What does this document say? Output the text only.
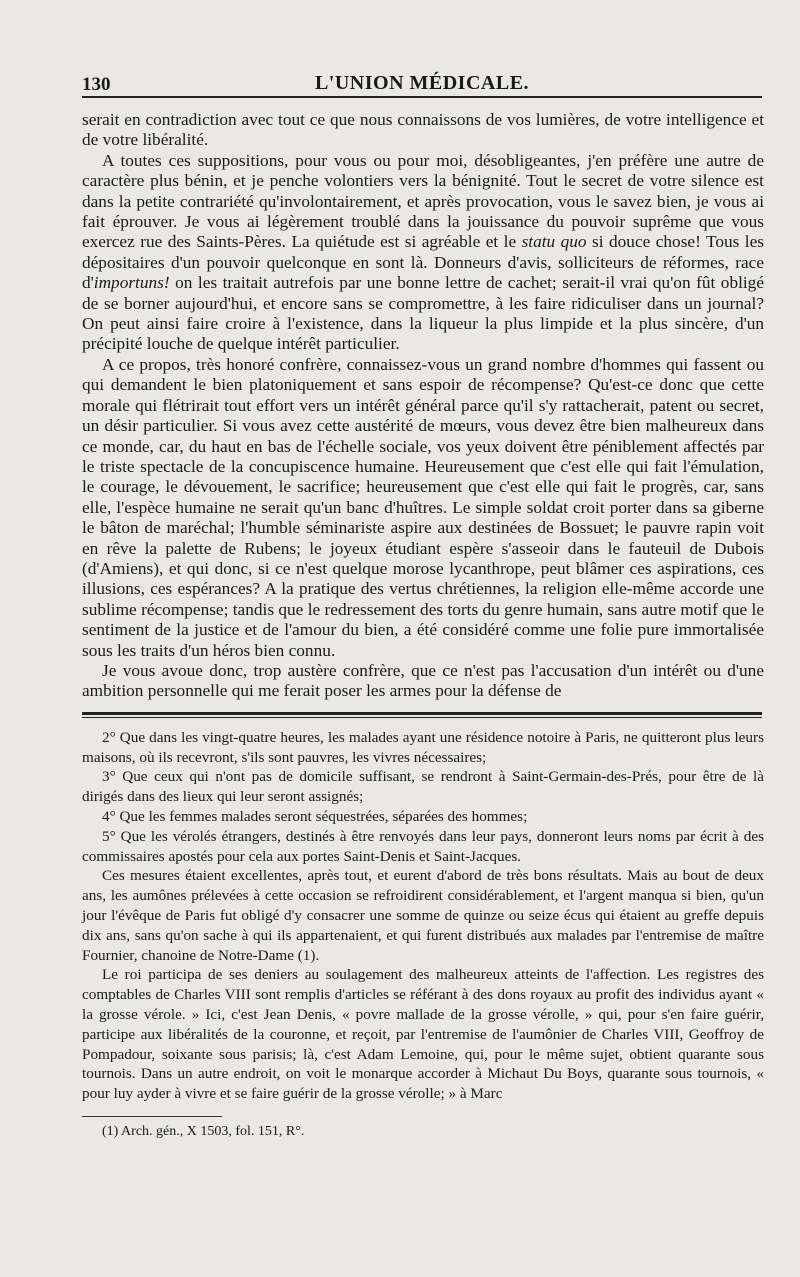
130	L'UNION MÉDICALE.

serait en contradiction avec tout ce que nous connaissons de vos lumières, de votre intelligence et de votre libéralité.

A toutes ces suppositions, pour vous ou pour moi, désobligeantes, j'en préfère une autre de caractère plus bénin, et je penche volontiers vers la bénignité. Tout le secret de votre silence est dans la petite contrariété qu'involontairement, et après provocation, vous le savez bien, je vous ai fait éprouver. Je vous ai légèrement troublé dans la jouissance du pouvoir suprême que vous exercez rue des Saints-Pères. La quiétude est si agréable et le statu quo si douce chose! Tous les dépositaires d'un pouvoir quelconque en sont là. Donneurs d'avis, solliciteurs de réformes, race d'importuns! on les traitait autrefois par une bonne lettre de cachet; serait-il vrai qu'on fût obligé de se borner aujourd'hui, et encore sans se compromettre, à les faire ridiculiser dans un journal? On peut ainsi faire croire à l'existence, dans la liqueur la plus limpide et la plus sincère, d'un précipité louche de quelque intérêt particulier.

A ce propos, très honoré confrère, connaissez-vous un grand nombre d'hommes qui fassent ou qui demandent le bien platoniquement et sans espoir de récompense? Qu'est-ce donc que cette morale qui flétrirait tout effort vers un intérêt général parce qu'il s'y rattacherait, patent ou secret, un désir particulier. Si vous avez cette austérité de mœurs, vous devez être bien malheureux dans ce monde, car, du haut en bas de l'échelle sociale, vos yeux doivent être péniblement affectés par le triste spectacle de la concupiscence humaine. Heureusement que c'est elle qui fait l'émulation, le courage, le dévouement, le sacrifice; heureusement que c'est elle qui fait le progrès, car, sans elle, l'espèce humaine ne serait qu'un banc d'huîtres. Le simple soldat croit porter dans sa giberne le bâton de maréchal; l'humble séminariste aspire aux destinées de Bossuet; le pauvre rapin voit en rêve la palette de Rubens; le joyeux étudiant espère s'asseoir dans le fauteuil de Dubois (d'Amiens), et qui donc, si ce n'est quelque morose lycanthrope, peut blâmer ces aspirations, ces illusions, ces espérances? A la pratique des vertus chrétiennes, la religion elle-même accorde une sublime récompense; tandis que le redressement des torts du genre humain, sans autre motif que le sentiment de la justice et de l'amour du bien, a été considéré comme une folie pure immortalisée sous les traits d'un héros bien connu.

Je vous avoue donc, trop austère confrère, que ce n'est pas l'accusation d'un intérêt ou d'une ambition personnelle qui me ferait poser les armes pour la défense de

2° Que dans les vingt-quatre heures, les malades ayant une résidence notoire à Paris, ne quitteront plus leurs maisons, où ils recevront, s'ils sont pauvres, les vivres nécessaires;

3° Que ceux qui n'ont pas de domicile suffisant, se rendront à Saint-Germain-des-Prés, pour être de là dirigés dans des lieux qui leur seront assignés;

4° Que les femmes malades seront séquestrées, séparées des hommes;

5° Que les vérolés étrangers, destinés à être renvoyés dans leur pays, donneront leurs noms par écrit à des commissaires apostés pour cela aux portes Saint-Denis et Saint-Jacques.

Ces mesures étaient excellentes, après tout, et eurent d'abord de très bons résultats. Mais au bout de deux ans, les aumônes prélevées à cette occasion se refroidirent considérablement, et l'argent manqua si bien, qu'un jour l'évêque de Paris fut obligé d'y consacrer une somme de quinze ou seize écus qui étaient au greffe depuis dix ans, sans qu'on sache à qui ils appartenaient, et qui furent distribués aux malades par l'entremise de maître Fournier, chanoine de Notre-Dame (1).

Le roi participa de ses deniers au soulagement des malheureux atteints de l'affection. Les registres des comptables de Charles VIII sont remplis d'articles se référant à des dons royaux au profit des individus ayant « la grosse vérole. » Ici, c'est Jean Denis, « povre mallade de la grosse vérolle, » qui, pour s'en faire guérir, participe aux libéralités de la couronne, et reçoit, par l'entremise de l'aumônier de Charles VIII, Geoffroy de Pompadour, soixante sous parisis; là, c'est Adam Lemoine, qui, pour le même sujet, obtient quarante sous tournois. Dans un autre endroit, on voit le monarque accorder à Michaut Du Boys, quarante sous tournois, « pour luy ayder à vivre et se faire guérir de la grosse vérolle; » à Marc

(1) Arch. gén., X 1503, fol. 151, R°.
